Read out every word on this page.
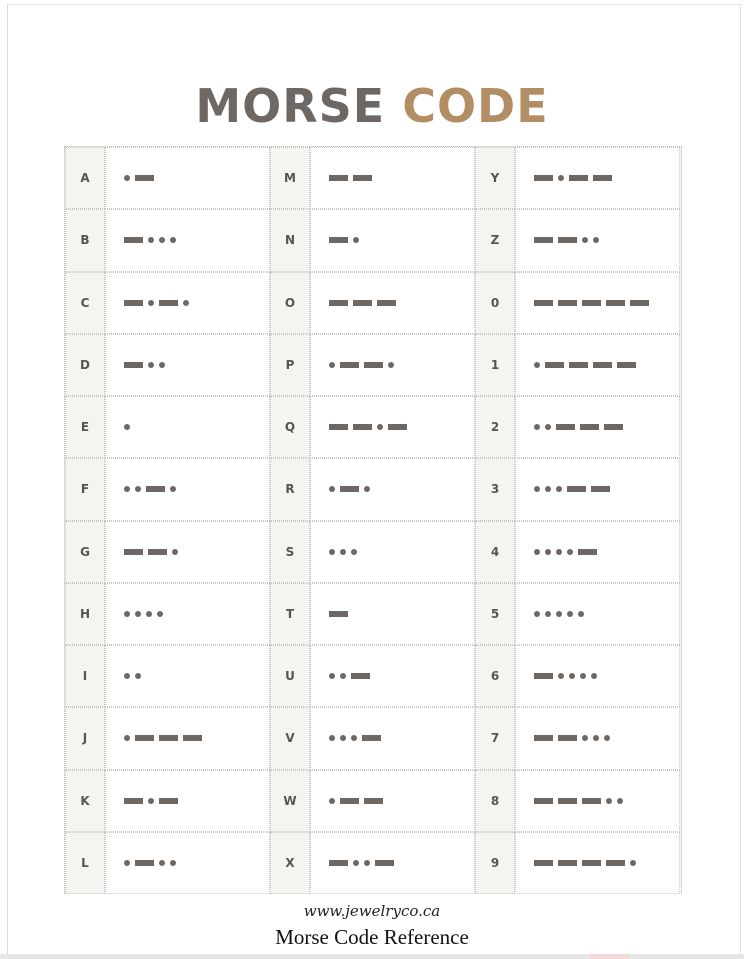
MORSE CODE
A
B
C
D
E
F
G
H
I
J
K
L
M
N
O
P
Q
R
S
T
U
V
W
X
Y
Z
0
1
2
3
4
5
6
7
8
9
www.jewelryco.ca
Morse Code Reference
